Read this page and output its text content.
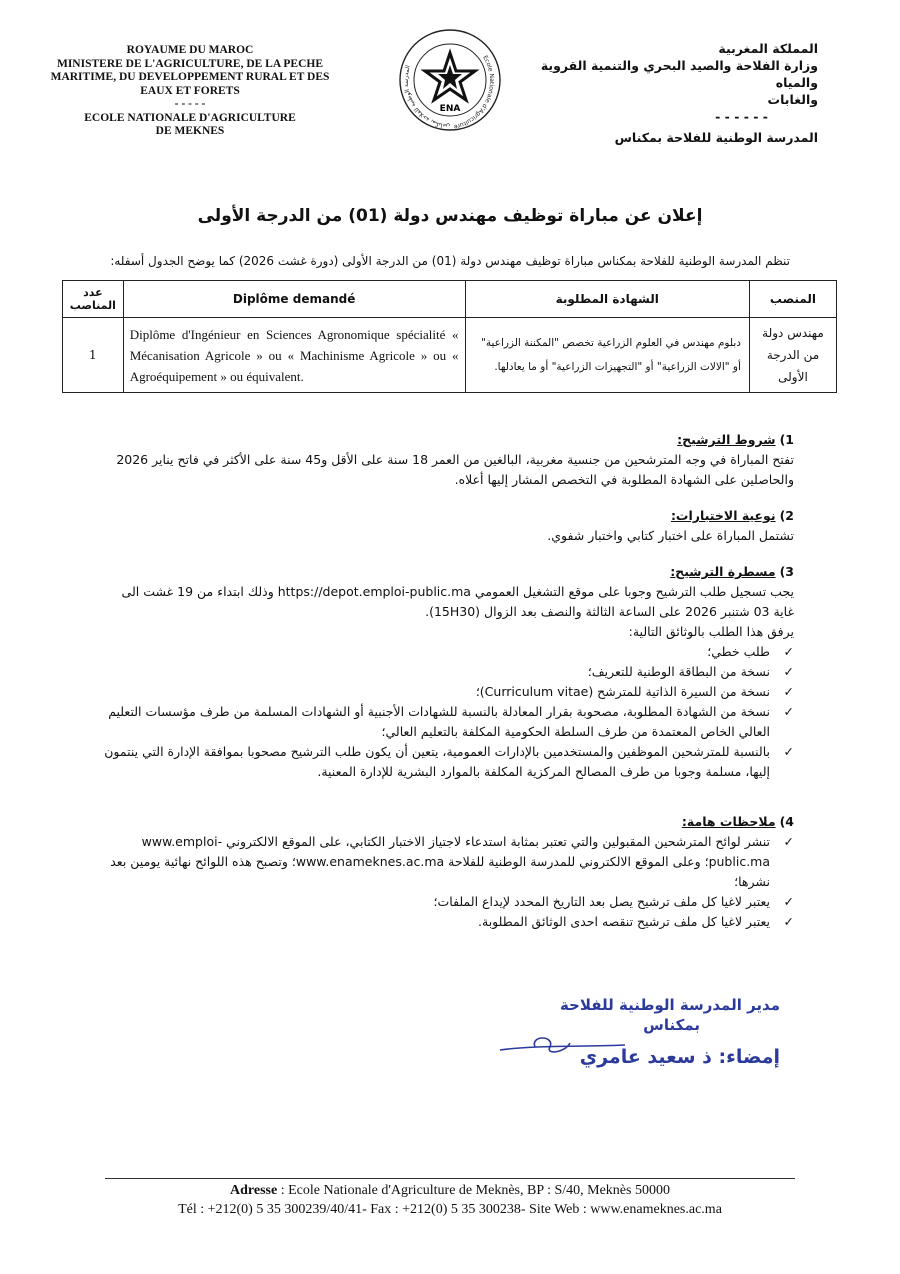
ROYAUME DU MAROC
MINISTERE DE L'AGRICULTURE, DE LA PECHE
MARITIME, DU DEVELOPPEMENT RURAL ET DES
EAUX ET FORETS
- - - - -
ECOLE NATIONALE D'AGRICULTURE
DE MEKNES
Ecole Nationale d'Agriculture
المدرسة الوطنية للفلاحة بمكناس
ENA
المملكة المغربية
وزارة الفلاحة والصيد البحري والتنمية القروية والمياه
والغابات
- - - - - -
المدرسة الوطنية للفلاحة بمكناس
إعلان عن مباراة توظيف مهندس دولة (01) من الدرجة الأولى
تنظم المدرسة الوطنية للفلاحة بمكناس مباراة توظيف مهندس دولة (01) من الدرجة الأولى (دورة غشت 2026) كما يوضح الجدول أسفله:
عدد المناصب	Diplôme demandé	الشهادة المطلوبة	المنصب
1	Diplôme d'Ingénieur en Sciences Agronomique spécialité « Mécanisation Agricole » ou « Machinisme Agricole » ou « Agroéquipement » ou équivalent.	دبلوم مهندس في العلوم الزراعية تخصص "المكننة الزراعية" أو "الالات الزراعية" أو "التجهيزات الزراعية" أو ما يعادلها.	مهندس دولة من الدرجة الأولى
1) شروط الترشيح:
تفتح المباراة في وجه المترشحين من جنسية مغربية، البالغين من العمر 18 سنة على الأقل و45 سنة على الأكثر في فاتح يناير 2026 والحاصلين على الشهادة المطلوبة في التخصص المشار إليها أعلاه.
2) نوعية الاختبارات:
تشتمل المباراة على اختبار كتابي واختبار شفوي.
3) مسطرة الترشيح:
يجب تسجيل طلب الترشيح وجوبا على موقع التشغيل العمومي https://depot.emploi-public.ma وذلك ابتداء من 19 غشت الى غاية 03 شتنبر 2026 على الساعة الثالثة والنصف بعد الزوال (15H30).
يرفق هذا الطلب بالوثائق التالية:
✓
طلب خطي؛
✓
نسخة من البطاقة الوطنية للتعريف؛
✓
نسخة من السيرة الذاتية للمترشح (Curriculum vitae)؛
✓
نسخة من الشهادة المطلوبة، مصحوبة بقرار المعادلة بالنسبة للشهادات الأجنبية أو الشهادات المسلمة من طرف مؤسسات التعليم العالي الخاص المعتمدة من طرف السلطة الحكومية المكلفة بالتعليم العالي؛
✓
بالنسبة للمترشحين الموظفين والمستخدمين بالإدارات العمومية، يتعين أن يكون طلب الترشيح مصحوبا بموافقة الإدارة التي ينتمون إليها، مسلمة وجوبا من طرف المصالح المركزية المكلفة بالموارد البشرية للإدارة المعنية.
4) ملاحظات هامة:
✓
تنشر لوائح المترشحين المقبولين والتي تعتبر بمثابة استدعاء لاجتياز الاختبار الكتابي، على الموقع الالكتروني www.emploi-public.ma؛ وعلى الموقع الالكتروني للمدرسة الوطنية للفلاحة www.enameknes.ac.ma؛ وتصبح هذه اللوائح نهائية يومين بعد نشرها؛
✓
يعتبر لاغيا كل ملف ترشيح يصل بعد التاريخ المحدد لإيداع الملفات؛
✓
يعتبر لاغيا كل ملف ترشيح تنقصه احدى الوثائق المطلوبة.
مدير المدرسة الوطنية للفلاحة
بمكناس
إمضاء: ذ سعيد عامري
Adresse : Ecole Nationale d'Agriculture de Meknès, BP : S/40, Meknès 50000
Tél : +212(0) 5 35 300239/40/41- Fax : +212(0) 5 35 300238- Site Web : www.enameknes.ac.ma
